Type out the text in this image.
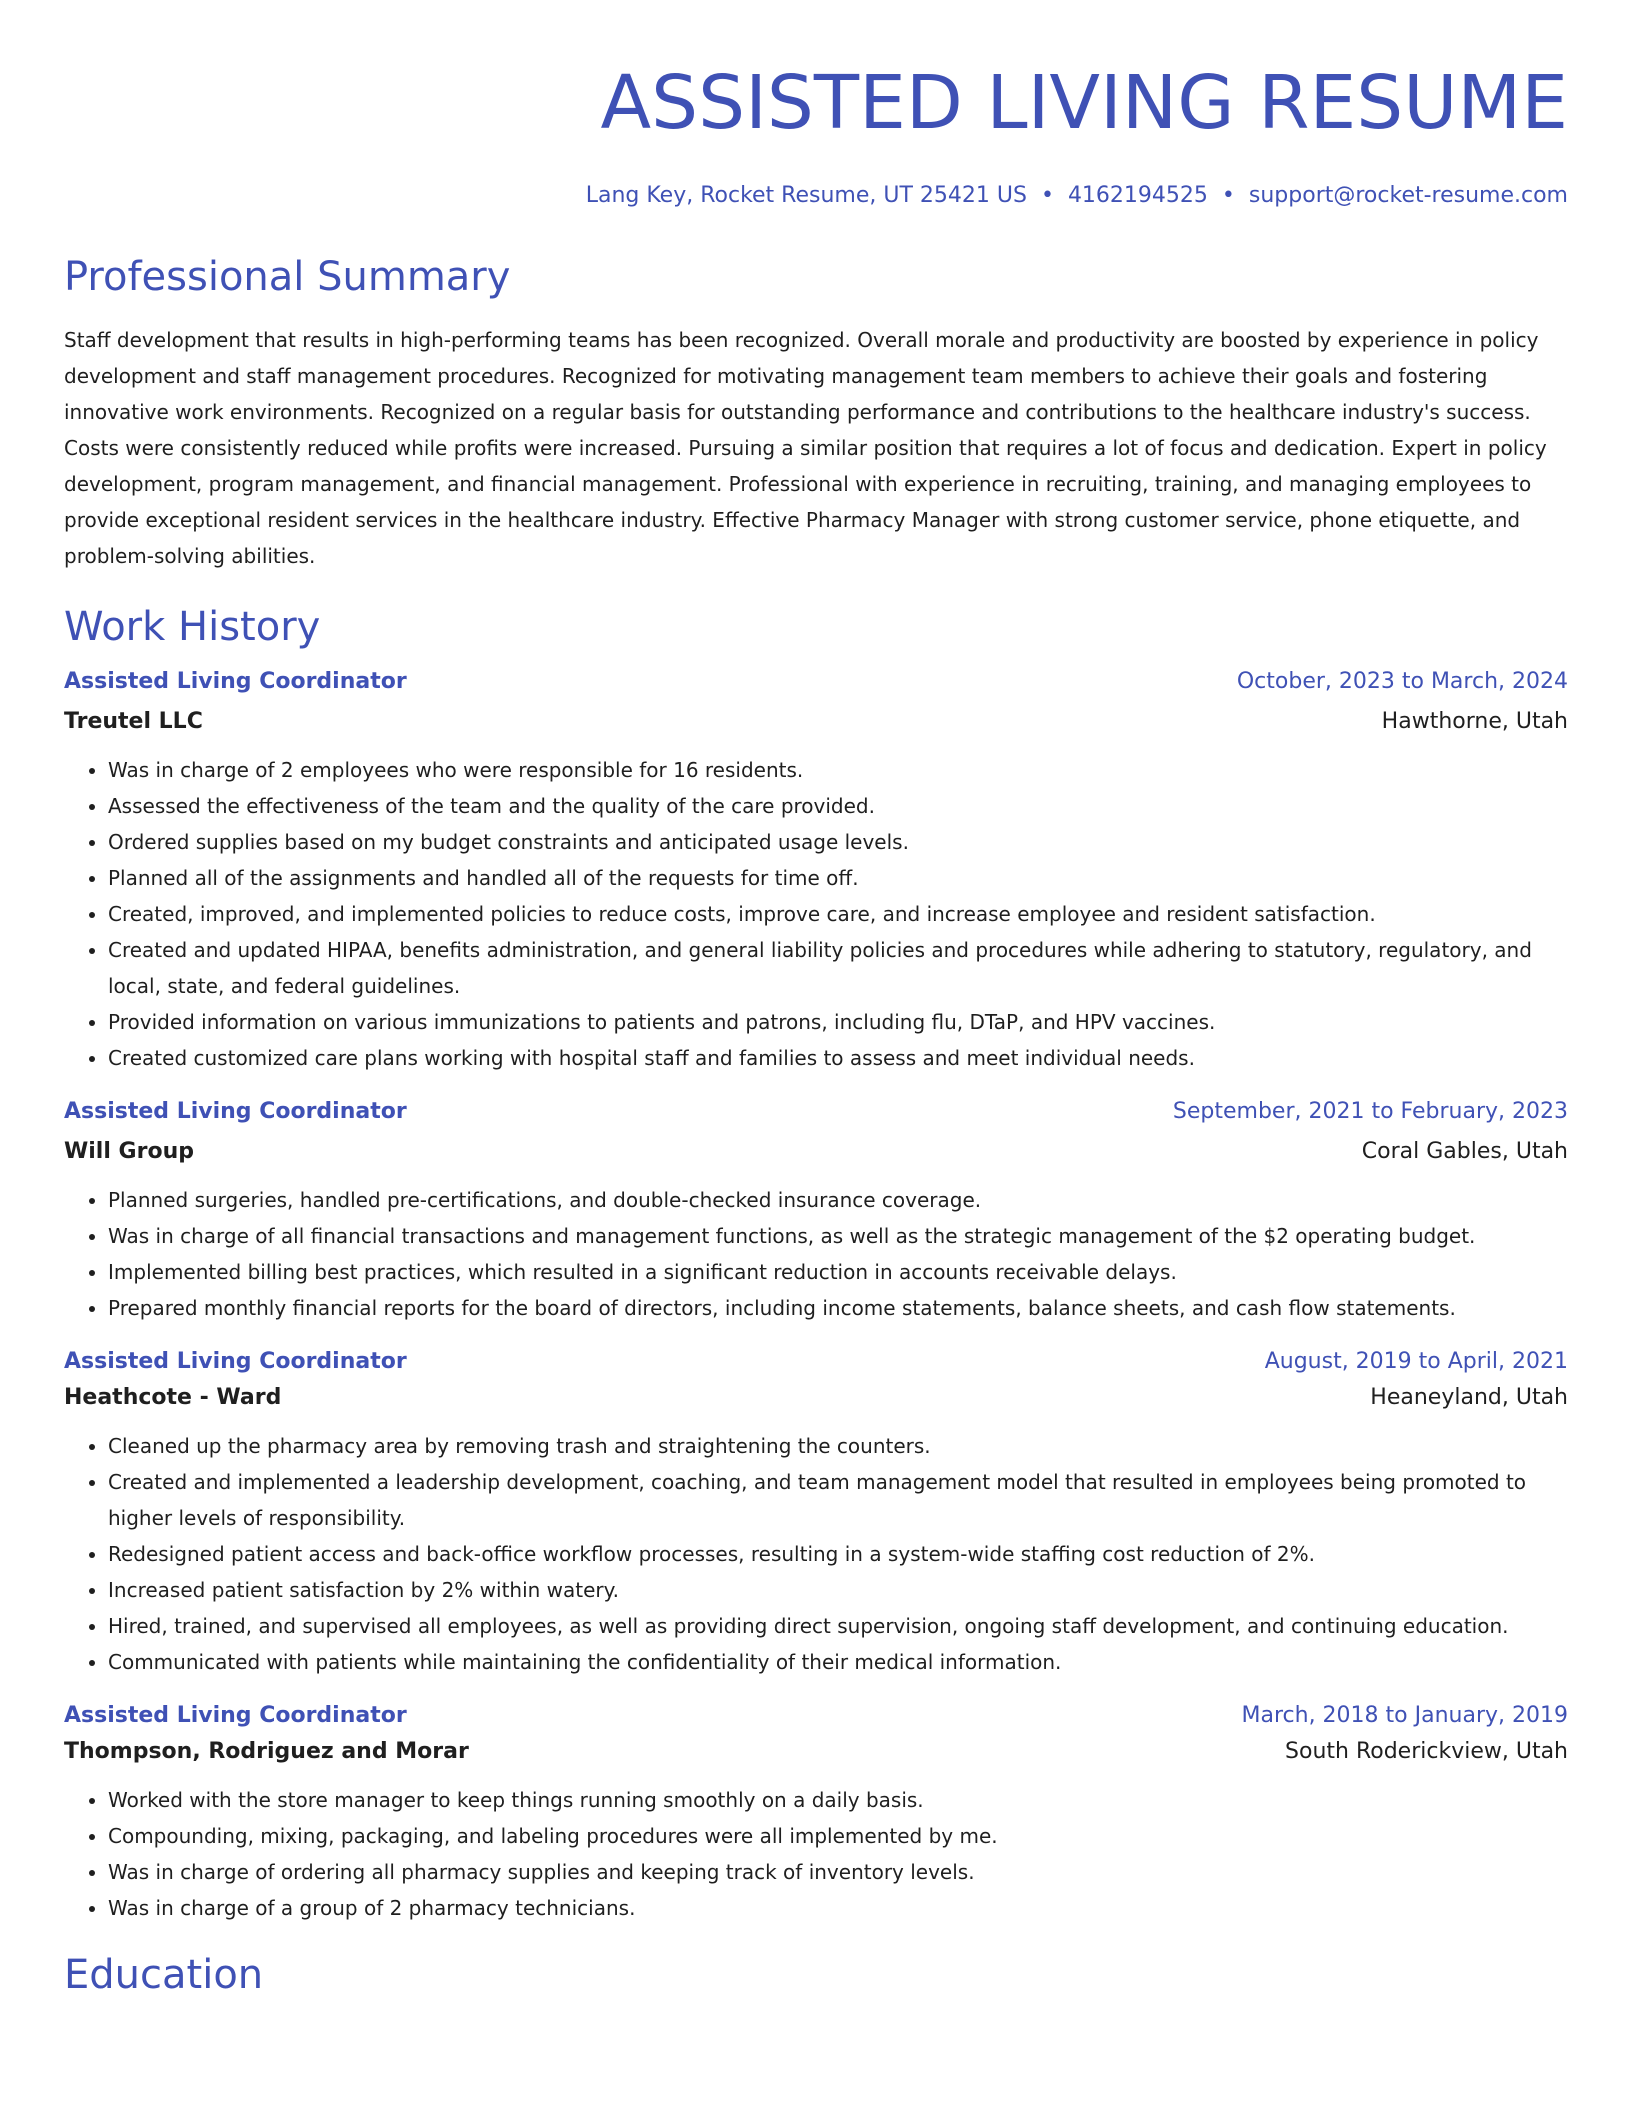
ASSISTED LIVING RESUME
Lang Key, Rocket Resume, UT 25421 US • 4162194525 • support@rocket-resume.com
Professional Summary

Staff development that results in high-performing teams has been recognized. Overall morale and productivity are boosted by experience in policy development and staff management procedures. Recognized for motivating management team members to achieve their goals and fostering innovative work environments. Recognized on a regular basis for outstanding performance and contributions to the healthcare industry's success. Costs were consistently reduced while profits were increased. Pursuing a similar position that requires a lot of focus and dedication. Expert in policy development, program management, and financial management. Professional with experience in recruiting, training, and managing employees to provide exceptional resident services in the healthcare industry. Effective Pharmacy Manager with strong customer service, phone etiquette, and problem-solving abilities.

Work History
Assisted Living Coordinator	October, 2023 to March, 2024
Treutel LLC	Hawthorne, Utah
• Was in charge of 2 employees who were responsible for 16 residents.
• Assessed the effectiveness of the team and the quality of the care provided.
• Ordered supplies based on my budget constraints and anticipated usage levels.
• Planned all of the assignments and handled all of the requests for time off.
• Created, improved, and implemented policies to reduce costs, improve care, and increase employee and resident satisfaction.
• Created and updated HIPAA, benefits administration, and general liability policies and procedures while adhering to statutory, regulatory, and local, state, and federal guidelines.
• Provided information on various immunizations to patients and patrons, including flu, DTaP, and HPV vaccines.
• Created customized care plans working with hospital staff and families to assess and meet individual needs.
Assisted Living Coordinator	September, 2021 to February, 2023
Will Group	Coral Gables, Utah
• Planned surgeries, handled pre-certifications, and double-checked insurance coverage.
• Was in charge of all financial transactions and management functions, as well as the strategic management of the $2 operating budget.
• Implemented billing best practices, which resulted in a significant reduction in accounts receivable delays.
• Prepared monthly financial reports for the board of directors, including income statements, balance sheets, and cash flow statements.
Assisted Living Coordinator	August, 2019 to April, 2021
Heathcote - Ward	Heaneyland, Utah
• Cleaned up the pharmacy area by removing trash and straightening the counters.
• Created and implemented a leadership development, coaching, and team management model that resulted in employees being promoted to higher levels of responsibility.
• Redesigned patient access and back-office workflow processes, resulting in a system-wide staffing cost reduction of 2%.
• Increased patient satisfaction by 2% within watery.
• Hired, trained, and supervised all employees, as well as providing direct supervision, ongoing staff development, and continuing education.
• Communicated with patients while maintaining the confidentiality of their medical information.
Assisted Living Coordinator	March, 2018 to January, 2019
Thompson, Rodriguez and Morar	South Roderickview, Utah
• Worked with the store manager to keep things running smoothly on a daily basis.
• Compounding, mixing, packaging, and labeling procedures were all implemented by me.
• Was in charge of ordering all pharmacy supplies and keeping track of inventory levels.
• Was in charge of a group of 2 pharmacy technicians.
Education
